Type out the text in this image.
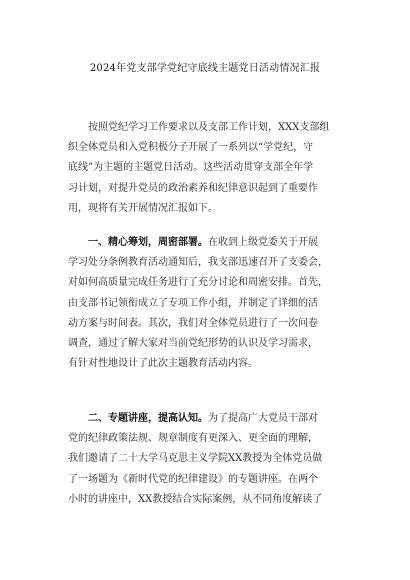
2024年党支部学党纪守底线主题党日活动情况汇报
按照党纪学习工作要求以及支部工作计划，XXX支部组
织全体党员和入党积极分子开展了一系列以“学党纪，守
底线”为主题的主题党日活动。这些活动贯穿支部全年学
习计划，对提升党员的政治素养和纪律意识起到了重要作
用，现将有关开展情况汇报如下。
一、精心筹划，周密部署。在收到上级党委关于开展
学习处分条例教育活动通知后，我支部迅速召开了支委会，
对如何高质量完成任务进行了充分讨论和周密安排。首先，
由支部书记领衔成立了专项工作小组，并制定了详细的活
动方案与时间表。其次，我们对全体党员进行了一次问卷
调查，通过了解大家对当前党纪形势的认识及学习需求，
有针对性地设计了此次主题教育活动内容。
二、专题讲座，提高认知。为了提高广大党员干部对
党的纪律政策法规、规章制度有更深入、更全面的理解，
我们邀请了二十大学马克思主义学院XX教授为全体党员做
了一场题为《新时代党的纪律建设》的专题讲座。在两个
小时的讲座中，XX教授结合实际案例，从不同角度解读了
